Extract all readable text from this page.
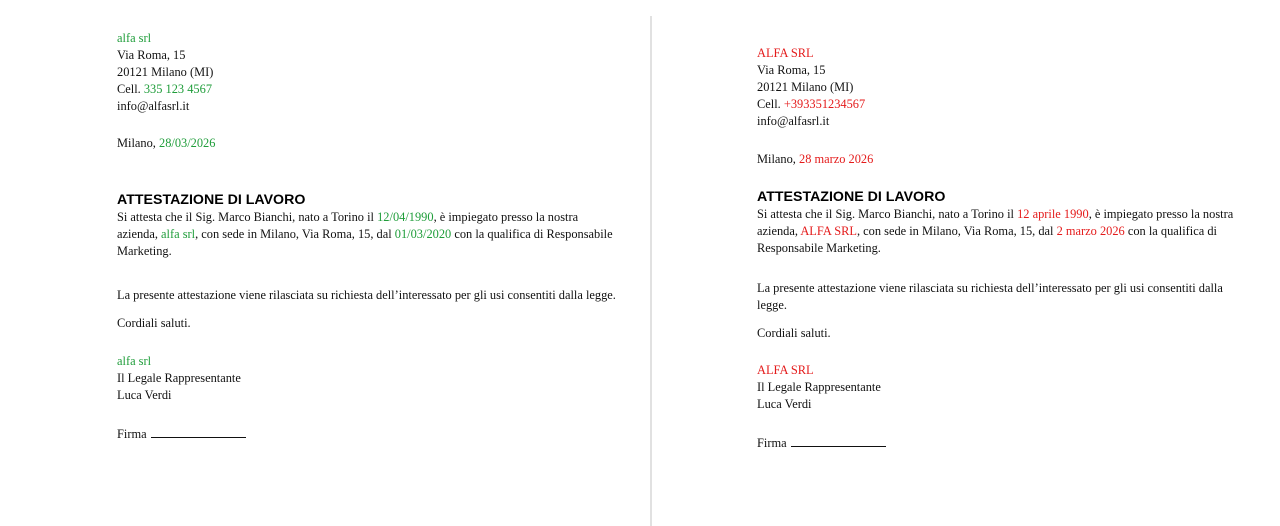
alfa srl
Via Roma, 15
20121 Milano (MI)
Cell. 335 123 4567
info@alfasrl.it
Milano, 28/03/2026
ATTESTAZIONE DI LAVORO
Si attesta che il Sig. Marco Bianchi, nato a Torino il 12/04/1990, è impiegato presso la nostra azienda, alfa srl, con sede in Milano, Via Roma, 15, dal 01/03/2020 con la qualifica di Responsabile Marketing.
La presente attestazione viene rilasciata su richiesta dell’interessato per gli usi consentiti dalla legge.
Cordiali saluti.
alfa srl
Il Legale Rappresentante
Luca Verdi
Firma
ALFA SRL
Via Roma, 15
20121 Milano (MI)
Cell. +393351234567
info@alfasrl.it
Milano, 28 marzo 2026
ATTESTAZIONE DI LAVORO
Si attesta che il Sig. Marco Bianchi, nato a Torino il 12 aprile 1990, è impiegato presso la nostra azienda, ALFA SRL, con sede in Milano, Via Roma, 15, dal 2 marzo 2026 con la qualifica di Responsabile Marketing.
La presente attestazione viene rilasciata su richiesta dell’interessato per gli usi consentiti dalla legge.
Cordiali saluti.
ALFA SRL
Il Legale Rappresentante
Luca Verdi
Firma
